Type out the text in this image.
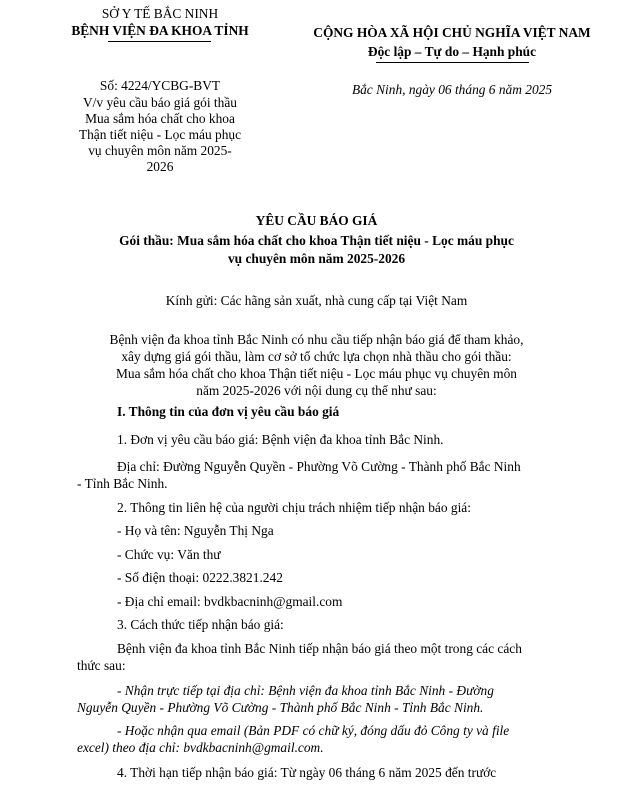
SỞ Y TẾ BẮC NINH
BỆNH VIỆN ĐA KHOA TỈNH
Số: 4224/YCBG-BVT
V/v yêu cầu báo giá gói thầu
Mua sắm hóa chất cho khoa
Thận tiết niệu - Lọc máu phục
vụ chuyên môn năm 2025-
2026
CỘNG HÒA XÃ HỘI CHỦ NGHĨA VIỆT NAM
Độc lập – Tự do – Hạnh phúc
Bắc Ninh, ngày 06 tháng 6 năm 2025
YÊU CẦU BÁO GIÁ
Gói thầu: Mua sắm hóa chất cho khoa Thận tiết niệu - Lọc máu phục
vụ chuyên môn năm 2025-2026
Kính gửi: Các hãng sản xuất, nhà cung cấp tại Việt Nam
Bệnh viện đa khoa tỉnh Bắc Ninh có nhu cầu tiếp nhận báo giá để tham khảo,
xây dựng giá gói thầu, làm cơ sở tổ chức lựa chọn nhà thầu cho gói thầu:
Mua sắm hóa chất cho khoa Thận tiết niệu - Lọc máu phục vụ chuyên môn
năm 2025-2026 với nội dung cụ thể như sau:
I. Thông tin của đơn vị yêu cầu báo giá
1. Đơn vị yêu cầu báo giá: Bệnh viện đa khoa tỉnh Bắc Ninh.
Địa chỉ: Đường Nguyễn Quyền - Phường Võ Cường - Thành phố Bắc Ninh
- Tỉnh Bắc Ninh.
2. Thông tin liên hệ của người chịu trách nhiệm tiếp nhận báo giá:
- Họ và tên: Nguyễn Thị Nga
- Chức vụ: Văn thư
- Số điện thoại: 0222.3821.242
- Địa chỉ email: bvdkbacninh@gmail.com
3. Cách thức tiếp nhận báo giá:
Bệnh viện đa khoa tỉnh Bắc Ninh tiếp nhận báo giá theo một trong các cách
thức sau:
- Nhận trực tiếp tại địa chỉ: Bệnh viện đa khoa tỉnh Bắc Ninh - Đường
Nguyễn Quyền - Phường Võ Cường - Thành phố Bắc Ninh - Tỉnh Bắc Ninh.
- Hoặc nhận qua email (Bản PDF có chữ ký, đóng dấu đỏ Công ty và file
excel) theo địa chỉ: bvdkbacninh@gmail.com.
4. Thời hạn tiếp nhận báo giá: Từ ngày 06 tháng 6 năm 2025 đến trước
